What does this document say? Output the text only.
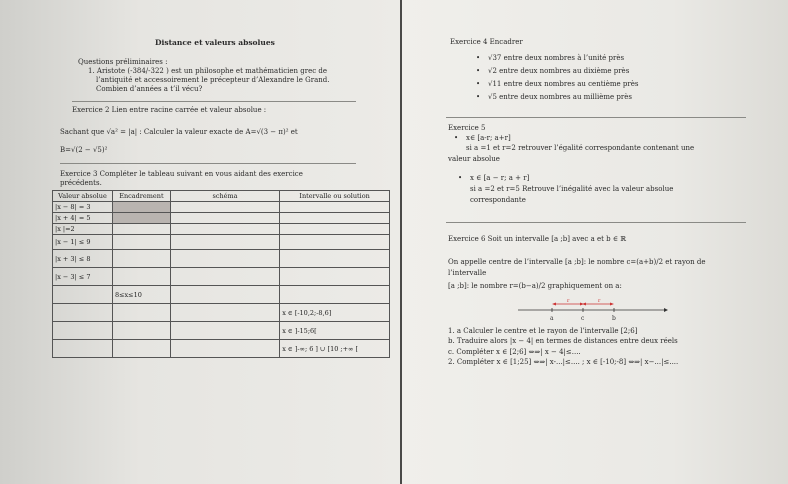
Distance et valeurs absolues
Questions préliminaires :
1. Aristote (-384/-322 ) est un philosophe et mathématicien grec de
l’antiquité et accessoirement le précepteur d’Alexandre le Grand.
Combien d’années a t’il vécu?
Exercice 2 Lien entre racine carrée et valeur absolue :
Sachant que √a² = |a| : Calculer la valeur exacte de A=√(3 − π)² et
B=√(2 − √5)²
Exercice 3 Compléter le tableau suivant en vous aidant des exercice
précédents.
Valeur absolue	Encadrement	schéma	Intervalle ou solution
|x − 8| = 3			
|x + 4| = 5			
|x |=2			
|x − 1| ≤ 9			
|x + 3| ≤ 8			
|x − 3| ≤ 7			
	8≤x≤10		
			x ∈ [-10,2;-8,6]
			x ∈ ]-15;6[
			x ∈ ]-∞; 6 ] ∪ [10 ;+∞ [
Exercice 4 Encadrer
• √37 entre deux nombres à l’unité près
• √2 entre deux nombres au dixième près
• √11 entre deux nombres au centième près
• √5 entre deux nombres au millième près
Exercice 5
• x∈ [a-r; a+r]
si a =1 et r=2 retrouver l’égalité correspondante contenant une
valeur absolue
• x ∈ [a − r; a + r]
si a =2 et r=5 Retrouve l’inégalité avec la valeur absolue
correspondante
Exercice 6 Soit un intervalle [a ;b] avec a et b ∈ ℝ
On appelle centre de l’intervalle [a ;b]: le nombre c=(a+b)/2 et rayon de
l’intervalle
[a ;b]: le nombre r=(b−a)/2 graphiquement on a:
1. a Calculer le centre et le rayon de l’intervalle [2;6]
b. Traduire alors |x − 4| en termes de distances entre deux réels
c. Compléter x ∈ [2;6] ⇔⇒| x − 4|≤....
2. Compléter x ∈ [1;25] ⇔⇒| x-...|≤.... ; x ∈ [-10;-8] ⇔⇒| x−...|≤....
r	r
a	c	b
